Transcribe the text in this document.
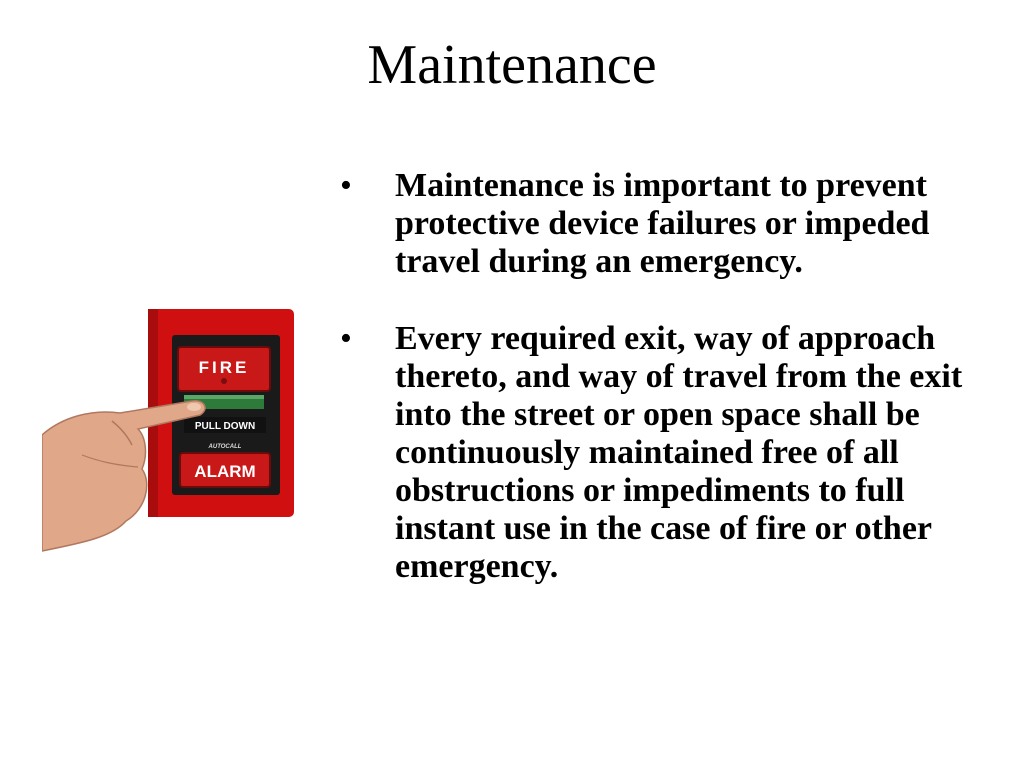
Maintenance
• Maintenance is important to prevent protective device failures or impeded travel during an emergency.
• Every required exit, way of approach thereto, and way of travel from the exit into the street or open space shall be continuously maintained free of all obstructions or impediments to full instant use in the case of fire or other emergency.
FIRE
PULL DOWN
AUTOCALL
ALARM
